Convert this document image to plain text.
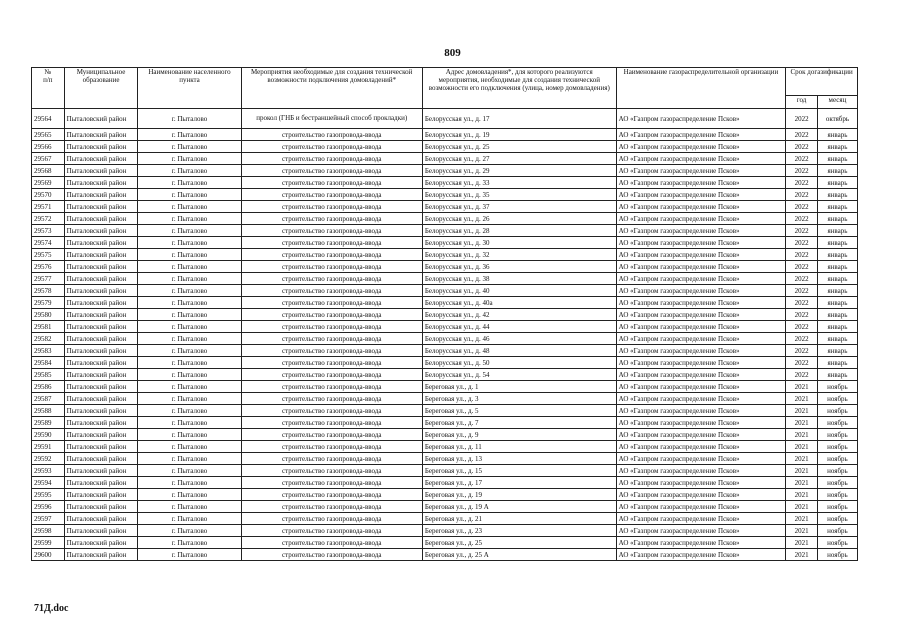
809
№
п/п	Муниципальное образование	Наименование населенного пункта	Мероприятия необходимые для создания технической возможности подключения домовладений*	Адрес домовладения*, для которого реализуются мероприятия, необходимые для создания технической возможности его подключения (улица, номер домовладения)	Наименование газораспределительной организации	Срок догазификации	
						год	месяц
29564	Пыталовский район	г. Пыталово	прокол (ГНБ и бестраншейный способ прокладки)	Белорусская ул., д. 17	АО «Газпром газораспределение Псков»	2022	октябрь
29565	Пыталовский район	г. Пыталово	строительство газопровода-ввода	Белорусская ул., д. 19	АО «Газпром газораспределение Псков»	2022	январь
29566	Пыталовский район	г. Пыталово	строительство газопровода-ввода	Белорусская ул., д. 25	АО «Газпром газораспределение Псков»	2022	январь
29567	Пыталовский район	г. Пыталово	строительство газопровода-ввода	Белорусская ул., д. 27	АО «Газпром газораспределение Псков»	2022	январь
29568	Пыталовский район	г. Пыталово	строительство газопровода-ввода	Белорусская ул., д. 29	АО «Газпром газораспределение Псков»	2022	январь
29569	Пыталовский район	г. Пыталово	строительство газопровода-ввода	Белорусская ул., д. 33	АО «Газпром газораспределение Псков»	2022	январь
29570	Пыталовский район	г. Пыталово	строительство газопровода-ввода	Белорусская ул., д. 35	АО «Газпром газораспределение Псков»	2022	январь
29571	Пыталовский район	г. Пыталово	строительство газопровода-ввода	Белорусская ул., д. 37	АО «Газпром газораспределение Псков»	2022	январь
29572	Пыталовский район	г. Пыталово	строительство газопровода-ввода	Белорусская ул., д. 26	АО «Газпром газораспределение Псков»	2022	январь
29573	Пыталовский район	г. Пыталово	строительство газопровода-ввода	Белорусская ул., д. 28	АО «Газпром газораспределение Псков»	2022	январь
29574	Пыталовский район	г. Пыталово	строительство газопровода-ввода	Белорусская ул., д. 30	АО «Газпром газораспределение Псков»	2022	январь
29575	Пыталовский район	г. Пыталово	строительство газопровода-ввода	Белорусская ул., д. 32	АО «Газпром газораспределение Псков»	2022	январь
29576	Пыталовский район	г. Пыталово	строительство газопровода-ввода	Белорусская ул., д. 36	АО «Газпром газораспределение Псков»	2022	январь
29577	Пыталовский район	г. Пыталово	строительство газопровода-ввода	Белорусская ул., д. 38	АО «Газпром газораспределение Псков»	2022	январь
29578	Пыталовский район	г. Пыталово	строительство газопровода-ввода	Белорусская ул., д. 40	АО «Газпром газораспределение Псков»	2022	январь
29579	Пыталовский район	г. Пыталово	строительство газопровода-ввода	Белорусская ул., д. 40а	АО «Газпром газораспределение Псков»	2022	январь
29580	Пыталовский район	г. Пыталово	строительство газопровода-ввода	Белорусская ул., д. 42	АО «Газпром газораспределение Псков»	2022	январь
29581	Пыталовский район	г. Пыталово	строительство газопровода-ввода	Белорусская ул., д. 44	АО «Газпром газораспределение Псков»	2022	январь
29582	Пыталовский район	г. Пыталово	строительство газопровода-ввода	Белорусская ул., д. 46	АО «Газпром газораспределение Псков»	2022	январь
29583	Пыталовский район	г. Пыталово	строительство газопровода-ввода	Белорусская ул., д. 48	АО «Газпром газораспределение Псков»	2022	январь
29584	Пыталовский район	г. Пыталово	строительство газопровода-ввода	Белорусская ул., д. 50	АО «Газпром газораспределение Псков»	2022	январь
29585	Пыталовский район	г. Пыталово	строительство газопровода-ввода	Белорусская ул., д. 54	АО «Газпром газораспределение Псков»	2022	январь
29586	Пыталовский район	г. Пыталово	строительство газопровода-ввода	Береговая ул., д. 1	АО «Газпром газораспределение Псков»	2021	ноябрь
29587	Пыталовский район	г. Пыталово	строительство газопровода-ввода	Береговая ул., д. 3	АО «Газпром газораспределение Псков»	2021	ноябрь
29588	Пыталовский район	г. Пыталово	строительство газопровода-ввода	Береговая ул., д. 5	АО «Газпром газораспределение Псков»	2021	ноябрь
29589	Пыталовский район	г. Пыталово	строительство газопровода-ввода	Береговая ул., д. 7	АО «Газпром газораспределение Псков»	2021	ноябрь
29590	Пыталовский район	г. Пыталово	строительство газопровода-ввода	Береговая ул., д. 9	АО «Газпром газораспределение Псков»	2021	ноябрь
29591	Пыталовский район	г. Пыталово	строительство газопровода-ввода	Береговая ул., д. 11	АО «Газпром газораспределение Псков»	2021	ноябрь
29592	Пыталовский район	г. Пыталово	строительство газопровода-ввода	Береговая ул., д. 13	АО «Газпром газораспределение Псков»	2021	ноябрь
29593	Пыталовский район	г. Пыталово	строительство газопровода-ввода	Береговая ул., д. 15	АО «Газпром газораспределение Псков»	2021	ноябрь
29594	Пыталовский район	г. Пыталово	строительство газопровода-ввода	Береговая ул., д. 17	АО «Газпром газораспределение Псков»	2021	ноябрь
29595	Пыталовский район	г. Пыталово	строительство газопровода-ввода	Береговая ул., д. 19	АО «Газпром газораспределение Псков»	2021	ноябрь
29596	Пыталовский район	г. Пыталово	строительство газопровода-ввода	Береговая ул., д. 19 А	АО «Газпром газораспределение Псков»	2021	ноябрь
29597	Пыталовский район	г. Пыталово	строительство газопровода-ввода	Береговая ул., д. 21	АО «Газпром газораспределение Псков»	2021	ноябрь
29598	Пыталовский район	г. Пыталово	строительство газопровода-ввода	Береговая ул., д. 23	АО «Газпром газораспределение Псков»	2021	ноябрь
29599	Пыталовский район	г. Пыталово	строительство газопровода-ввода	Береговая ул., д. 25	АО «Газпром газораспределение Псков»	2021	ноябрь
29600	Пыталовский район	г. Пыталово	строительство газопровода-ввода	Береговая ул., д. 25 А	АО «Газпром газораспределение Псков»	2021	ноябрь
71Д.doc
